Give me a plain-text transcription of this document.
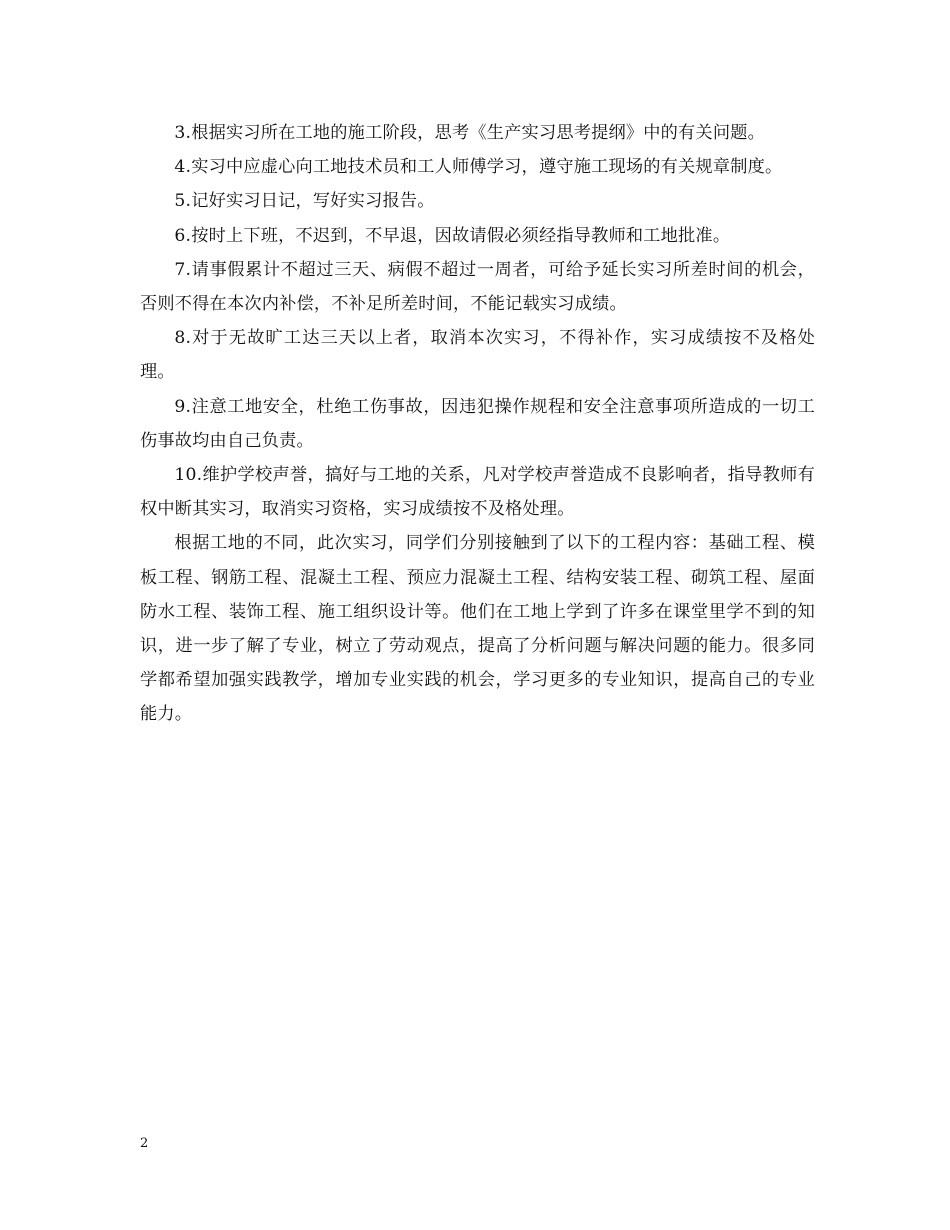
3.根据实习所在工地的施工阶段，思考《生产实习思考提纲》中的有关问题。

4.实习中应虚心向工地技术员和工人师傅学习，遵守施工现场的有关规章制度。

5.记好实习日记，写好实习报告。

6.按时上下班，不迟到，不早退，因故请假必须经指导教师和工地批准。

7.请事假累计不超过三天、病假不超过一周者，可给予延长实习所差时间的机会，否则不得在本次内补偿，不补足所差时间，不能记载实习成绩。

8.对于无故旷工达三天以上者，取消本次实习，不得补作，实习成绩按不及格处理。

9.注意工地安全，杜绝工伤事故，因违犯操作规程和安全注意事项所造成的一切工伤事故均由自己负责。

10.维护学校声誉，搞好与工地的关系，凡对学校声誉造成不良影响者，指导教师有权中断其实习，取消实习资格，实习成绩按不及格处理。

根据工地的不同，此次实习，同学们分别接触到了以下的工程内容：基础工程、模板工程、钢筋工程、混凝土工程、预应力混凝土工程、结构安装工程、砌筑工程、屋面防水工程、装饰工程、施工组织设计等。他们在工地上学到了许多在课堂里学不到的知识，进一步了解了专业，树立了劳动观点，提高了分析问题与解决问题的能力。很多同学都希望加强实践教学，增加专业实践的机会，学习更多的专业知识，提高自己的专业能力。

2
